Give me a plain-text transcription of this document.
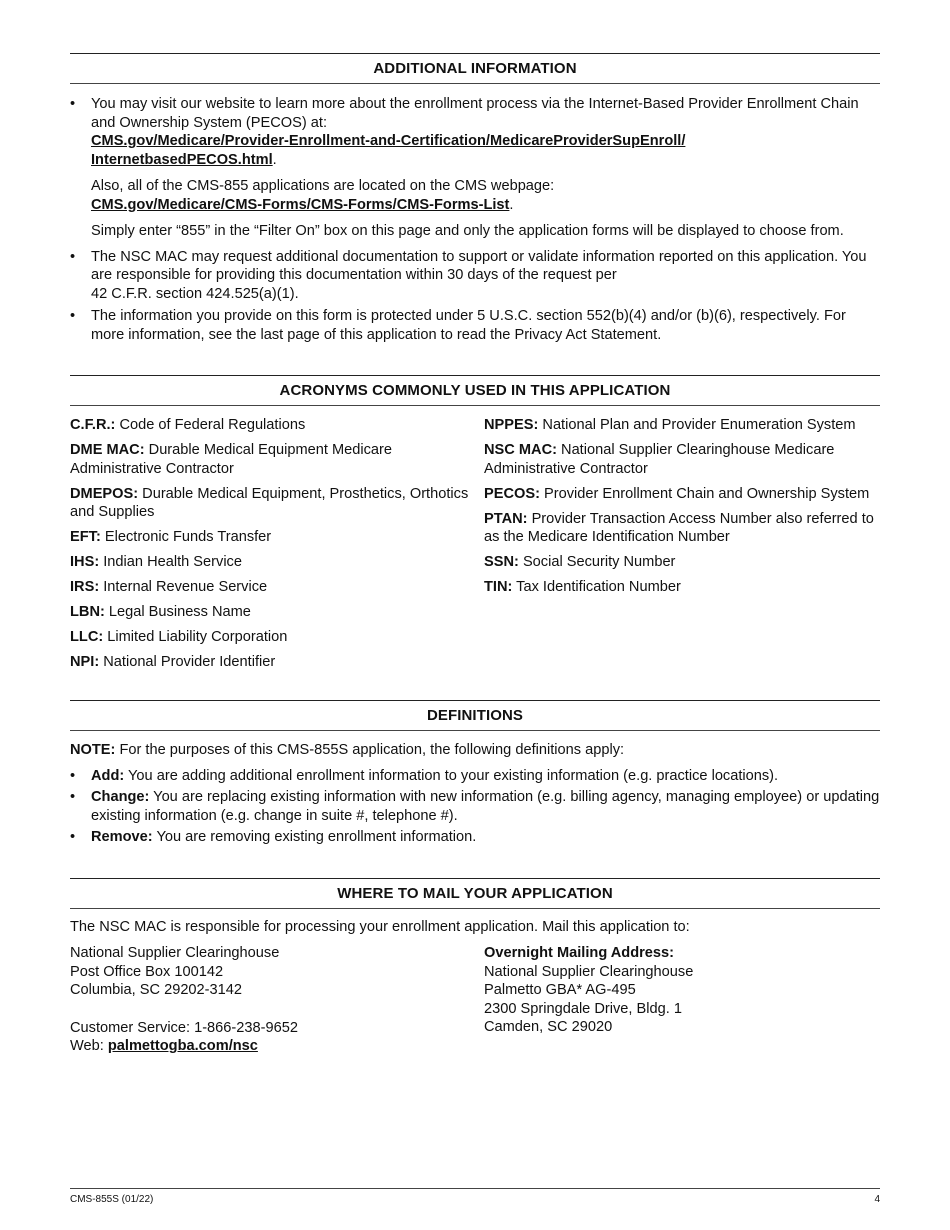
ADDITIONAL INFORMATION
• You may visit our website to learn more about the enrollment process via the Internet-Based Provider Enrollment Chain and Ownership System (PECOS) at:
CMS.gov/Medicare/Provider-Enrollment-and-Certification/MedicareProviderSupEnroll/
InternetbasedPECOS.html.
Also, all of the CMS-855 applications are located on the CMS webpage:
CMS.gov/Medicare/CMS-Forms/CMS-Forms/CMS-Forms-List.
Simply enter “855” in the “Filter On” box on this page and only the application forms will be displayed to choose from.
• The NSC MAC may request additional documentation to support or validate information reported on this application. You are responsible for providing this documentation within 30 days of the request per
42 C.F.R. section 424.525(a)(1).
• The information you provide on this form is protected under 5 U.S.C. section 552(b)(4) and/or (b)(6), respectively. For more information, see the last page of this application to read the Privacy Act Statement.
ACRONYMS COMMONLY USED IN THIS APPLICATION
C.F.R.: Code of Federal Regulations
DME MAC: Durable Medical Equipment Medicare Administrative Contractor
DMEPOS: Durable Medical Equipment, Prosthetics, Orthotics and Supplies
EFT: Electronic Funds Transfer
IHS: Indian Health Service
IRS: Internal Revenue Service
LBN: Legal Business Name
LLC: Limited Liability Corporation
NPI: National Provider Identifier
NPPES: National Plan and Provider Enumeration System
NSC MAC: National Supplier Clearinghouse Medicare Administrative Contractor
PECOS: Provider Enrollment Chain and Ownership System
PTAN: Provider Transaction Access Number also referred to as the Medicare Identification Number
SSN: Social Security Number
TIN: Tax Identification Number
DEFINITIONS
NOTE: For the purposes of this CMS-855S application, the following definitions apply:
• Add: You are adding additional enrollment information to your existing information (e.g. practice locations).
• Change: You are replacing existing information with new information (e.g. billing agency, managing employee) or updating existing information (e.g. change in suite #, telephone #).
• Remove: You are removing existing enrollment information.
WHERE TO MAIL YOUR APPLICATION
The NSC MAC is responsible for processing your enrollment application. Mail this application to:
National Supplier Clearinghouse
Post Office Box 100142
Columbia, SC 29202-3142
Customer Service: 1-866-238-9652
Web: palmettogba.com/nsc
Overnight Mailing Address:
National Supplier Clearinghouse
Palmetto GBA* AG-495
2300 Springdale Drive, Bldg. 1
Camden, SC 29020
CMS-855S (01/22)	4
